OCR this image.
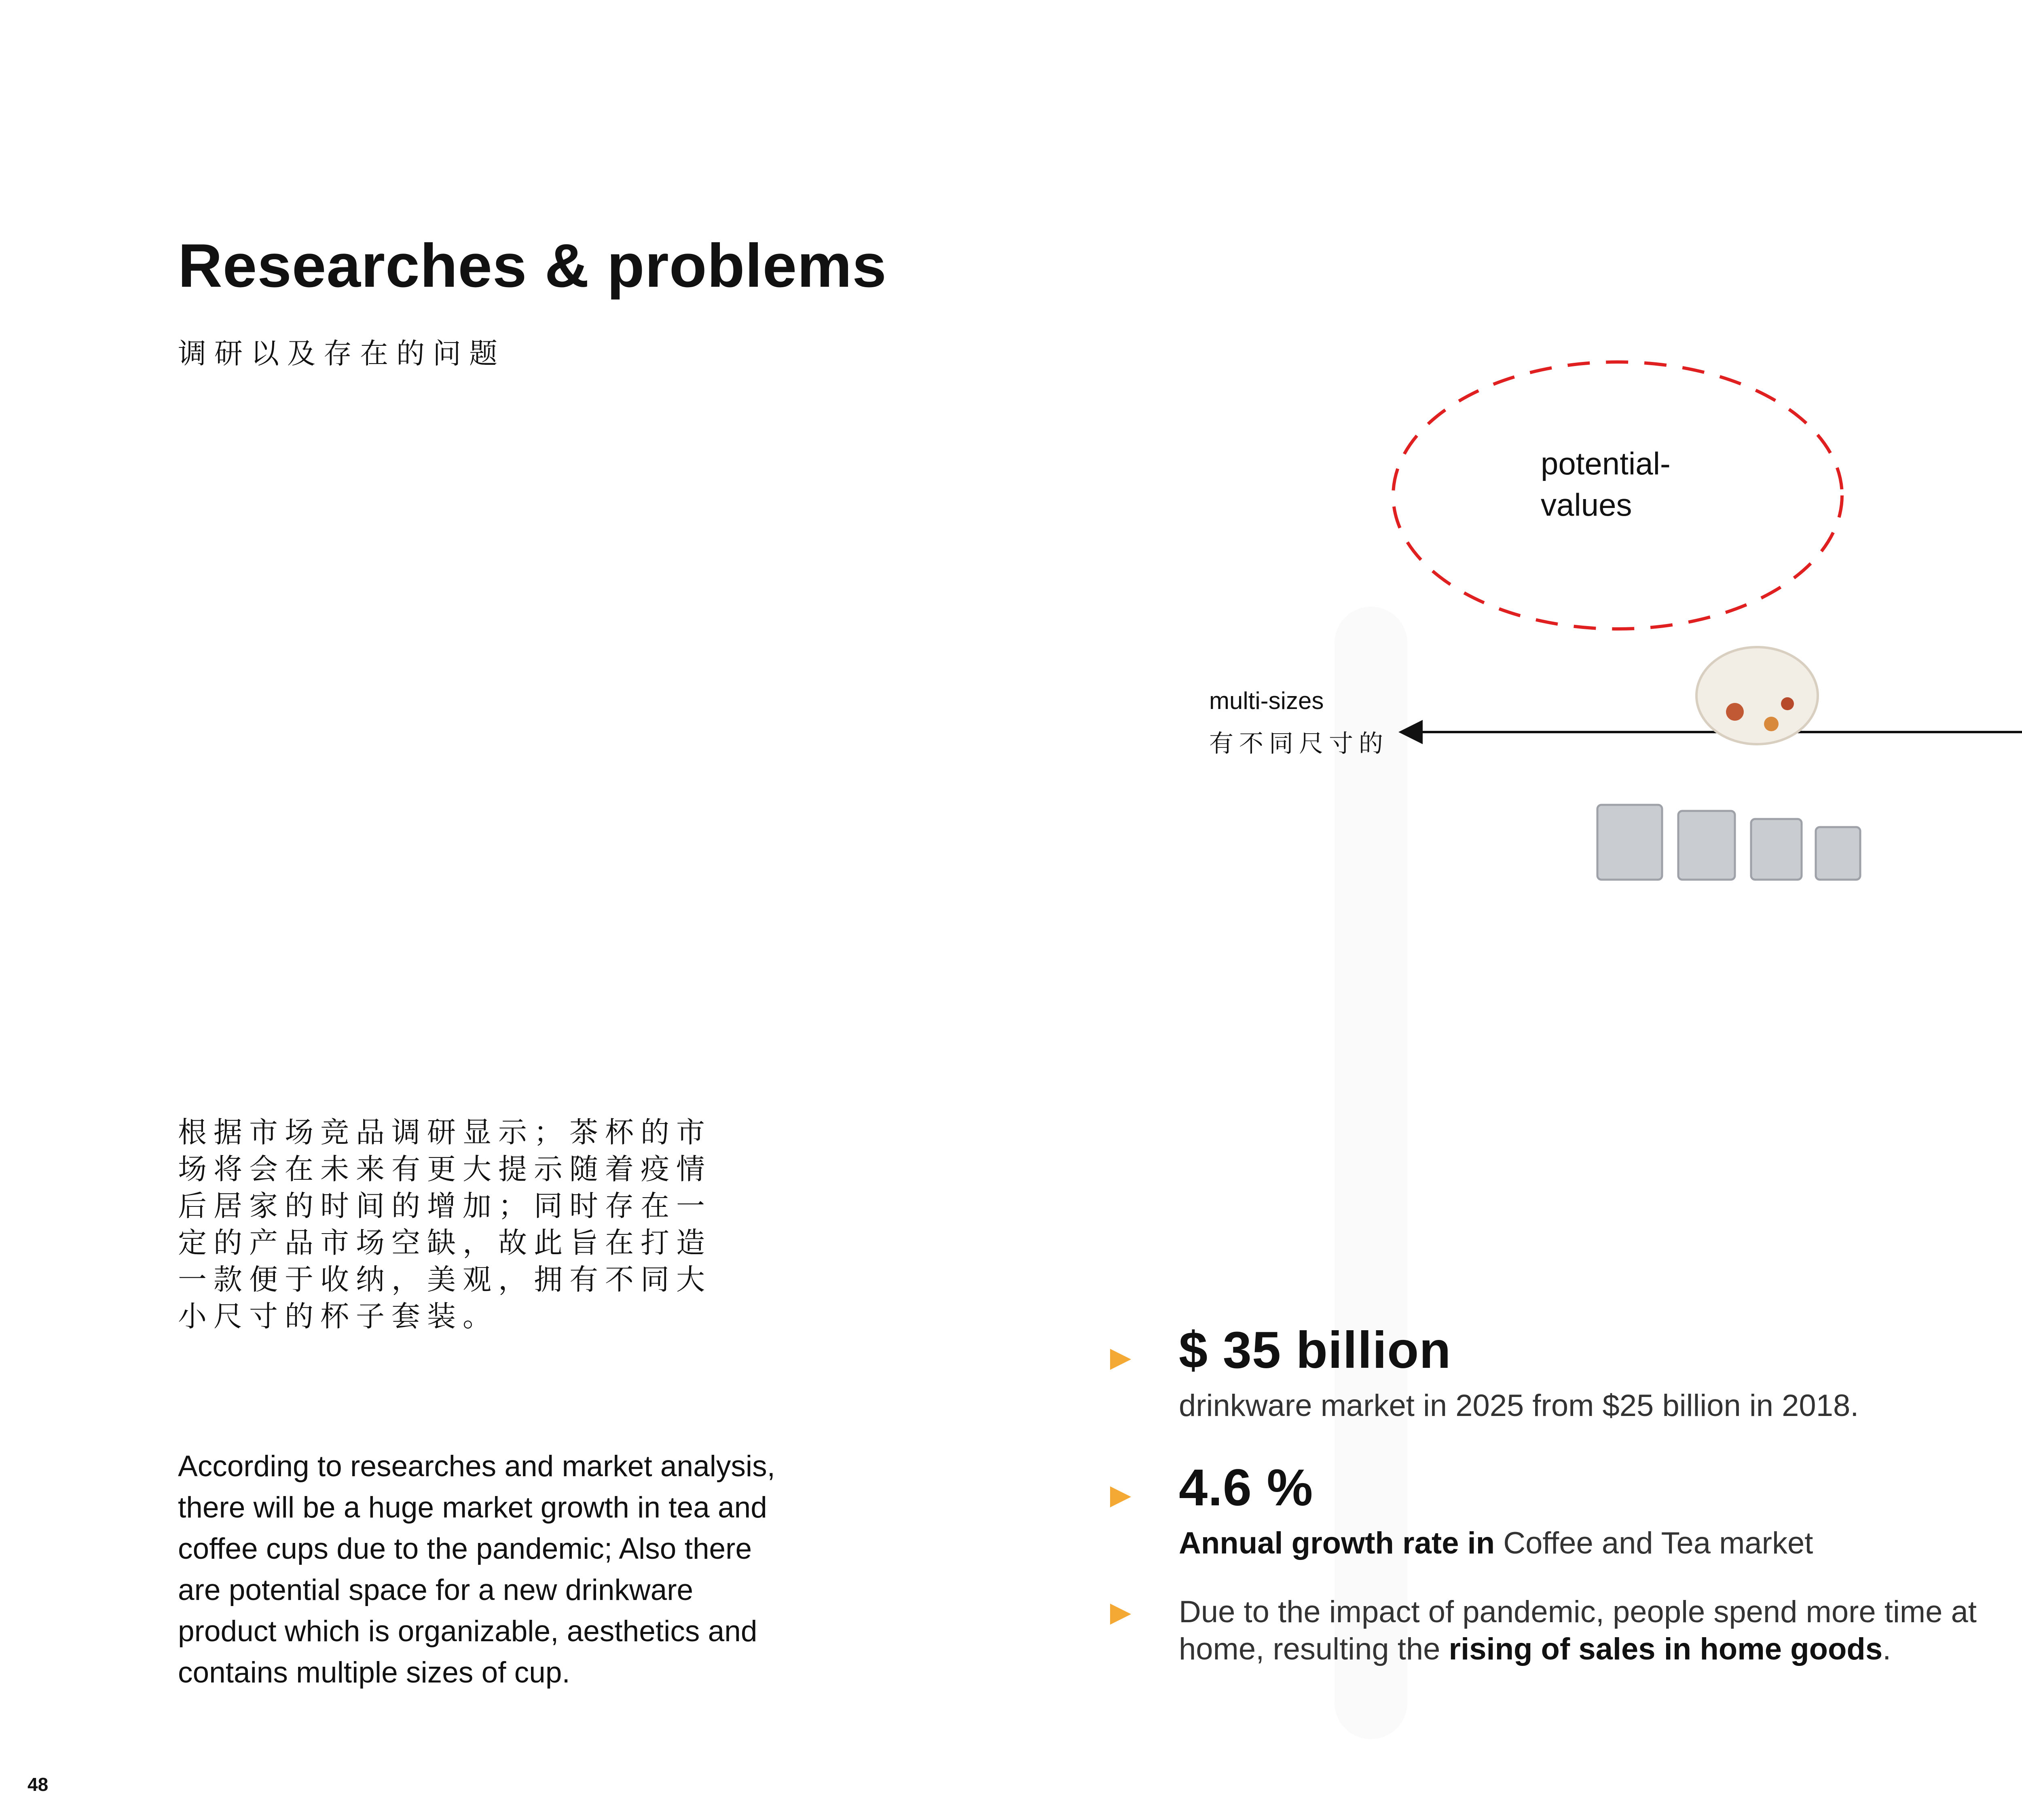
48
Researches & problems
调研以及存在的问题
根据市场竞品调研显示；茶杯的市场将会在未来有更大提示随着疫情后居家的时间的增加；同时存在一定的产品市场空缺，故此旨在打造一款便于收纳，美观，拥有不同大小尺寸的杯子套装。
According to researches and market analysis, there will be a huge market growth in tea and coffee cups due to the pandemic; Also there are potential space for a new drinkware product which is organizable, aesthetics and contains multiple sizes of cup.
multi-sizes
有不同尺寸的
potential-
values
$ 35 billion
drinkware market in 2025 from $25 billion in 2018.
4.6 %
Annual growth rate in Coffee and Tea market
Due to the impact of pandemic, people spend more time at
home, resulting the rising of sales in home goods.
